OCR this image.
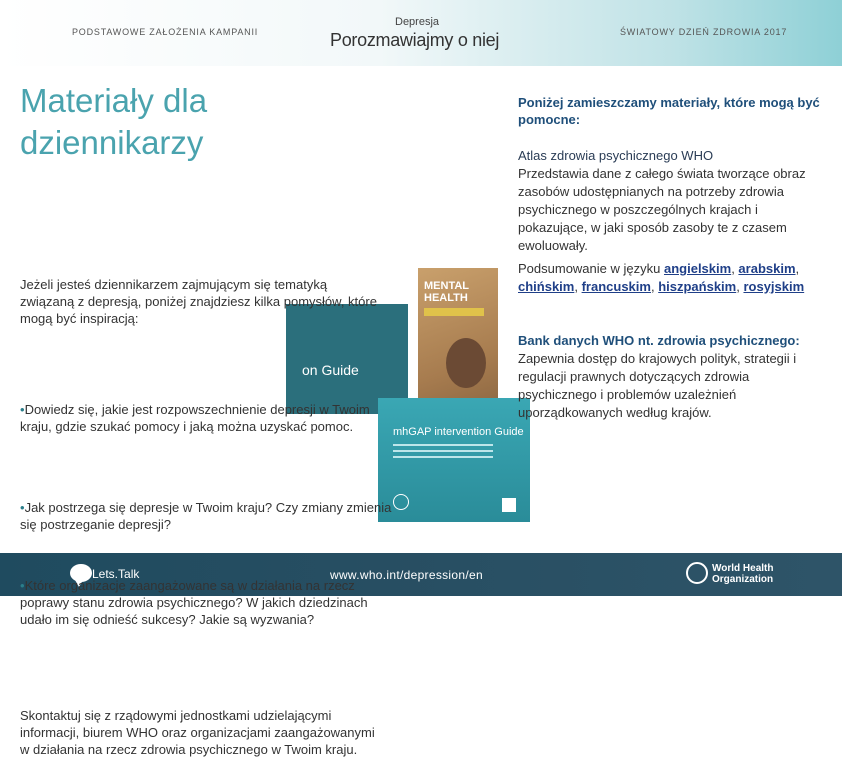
PODSTAWOWE ZAŁOŻENIA KAMPANII
Depresja
Porozmawiajmy o niej	ŚWIATOWY DZIEŃ ZDROWIA 2017
MENTAL HEALTH
on Guide
mhGAP intervention Guide
Materiały dla dziennikarzy
Jeżeli jesteś dziennikarzem zajmującym się tematyką związaną z depresją, poniżej znajdziesz kilka pomysłów, które mogą być inspiracją:
•Dowiedz się, jakie jest rozpowszechnienie depresji w Twoim kraju, gdzie szukać pomocy i jaką można uzyskać pomoc.
•Jak postrzega się depresje w Twoim kraju? Czy zmiany zmienia się postrzeganie depresji?
•Które organizacje zaangażowane są w działania na rzecz poprawy stanu zdrowia psychicznego? W jakich dziedzinach udało im się odnieść sukcesy? Jakie są wyzwania?
Skontaktuj się z rządowymi jednostkami udzielającymi informacji, biurem WHO oraz organizacjami zaangażowanymi w działania na rzecz zdrowia psychicznego w Twoim kraju.
Poniżej zamieszczamy materiały, które mogą być pomocne:
Atlas zdrowia psychicznego WHO
Przedstawia dane z całego świata tworzące obraz zasobów udostępnianych na potrzeby zdrowia psychicznego w poszczególnych krajach i pokazujące, w jaki sposób zasoby te z czasem ewoluowały.
Podsumowanie w języku angielskim, arabskim, chińskim, francuskim, hiszpańskim, rosyjskim
Bank danych WHO nt. zdrowia psychicznego:
Zapewnia dostęp do krajowych polityk, strategii i regulacji prawnych dotyczących zdrowia psychicznego i problemów uzależnień uporządkowanych według krajów.
Lets.Talk	www.who.int/depression/en	World Health
Organization
